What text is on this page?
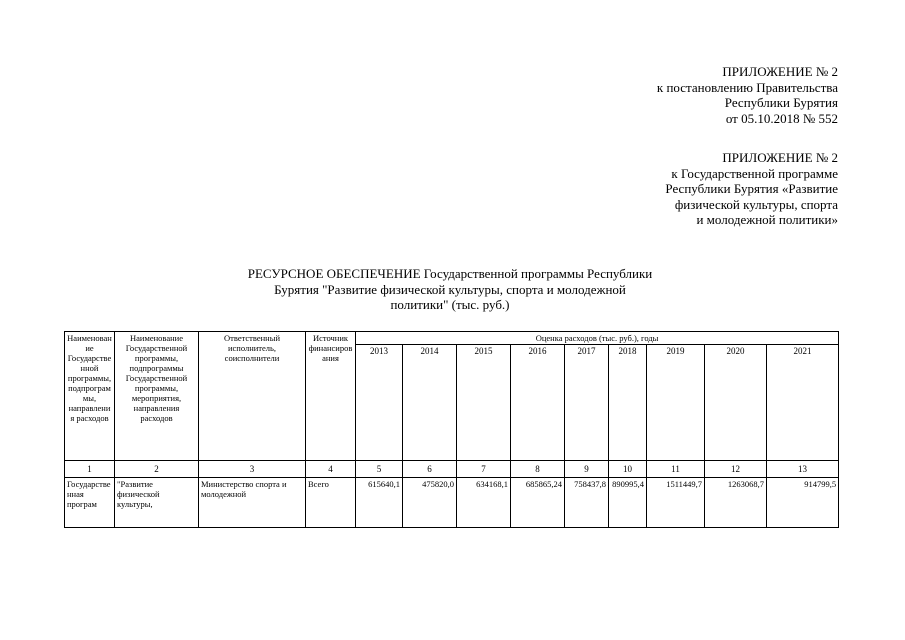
ПРИЛОЖЕНИЕ № 2
к постановлению Правительства
Республики Бурятия
от 05.10.2018 № 552
ПРИЛОЖЕНИЕ № 2
к Государственной программе
Республики Бурятия «Развитие
физической культуры, спорта
и молодежной политики»
РЕСУРСНОЕ ОБЕСПЕЧЕНИЕ Государственной программы Республики
Бурятия "Развитие физической культуры, спорта и молодежной
политики" (тыс. руб.)
Наименование Государственной программы, подпрограммы, направления расходов	Наименование Государственной программы, подпрограммы Государственной программы, мероприятия, направления расходов	Ответственный исполнитель, соисполнители	Источник финансирования	Оценка расходов (тыс. руб.), годы								
				2013	2014	2015	2016	2017	2018	2019	2020	2021
1	2	3	4	5	6	7	8	9	10	11	12	13
Государственная програм	"Развитие физической культуры,	Министерство спорта и молодежной	Всего	615640,1	475820,0	634168,1	685865,24	758437,8	890995,4	1511449,7	1263068,7	914799,5
